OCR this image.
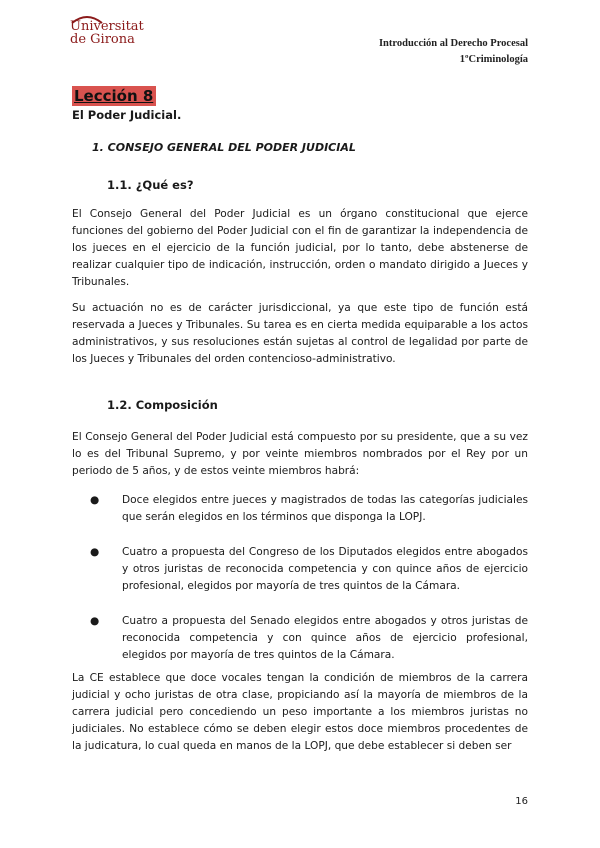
Universitat
de Girona	Introducción al Derecho Procesal
1ºCriminología
Lección 8
El Poder Judicial.
1. CONSEJO GENERAL DEL PODER JUDICIAL
1.1. ¿Qué es?

El Consejo General del Poder Judicial es un órgano constitucional que ejerce funciones del gobierno del Poder Judicial con el fin de garantizar la independencia de los jueces en el ejercicio de la función judicial, por lo tanto, debe abstenerse de realizar cualquier tipo de indicación, instrucción, orden o mandato dirigido a Jueces y Tribunales.

Su actuación no es de carácter jurisdiccional, ya que este tipo de función está reservada a Jueces y Tribunales. Su tarea es en cierta medida equiparable a los actos administrativos, y sus resoluciones están sujetas al control de legalidad por parte de los Jueces y Tribunales del orden contencioso-administrativo.

1.2. Composición

El Consejo General del Poder Judicial está compuesto por su presidente, que a su vez lo es del Tribunal Supremo, y por veinte miembros nombrados por el Rey por un periodo de 5 años, y de estos veinte miembros habrá:

● Doce elegidos entre jueces y magistrados de todas las categorías judiciales que serán elegidos en los términos que disponga la LOPJ.
● Cuatro a propuesta del Congreso de los Diputados elegidos entre abogados y otros juristas de reconocida competencia y con quince años de ejercicio profesional, elegidos por mayoría de tres quintos de la Cámara.
● Cuatro a propuesta del Senado elegidos entre abogados y otros juristas de reconocida competencia y con quince años de ejercicio profesional, elegidos por mayoría de tres quintos de la Cámara.

La CE establece que doce vocales tengan la condición de miembros de la carrera judicial y ocho juristas de otra clase, propiciando así la mayoría de miembros de la carrera judicial pero concediendo un peso importante a los miembros juristas no judiciales. No establece cómo se deben elegir estos doce miembros procedentes de la judicatura, lo cual queda en manos de la LOPJ, que debe establecer si deben ser

16
